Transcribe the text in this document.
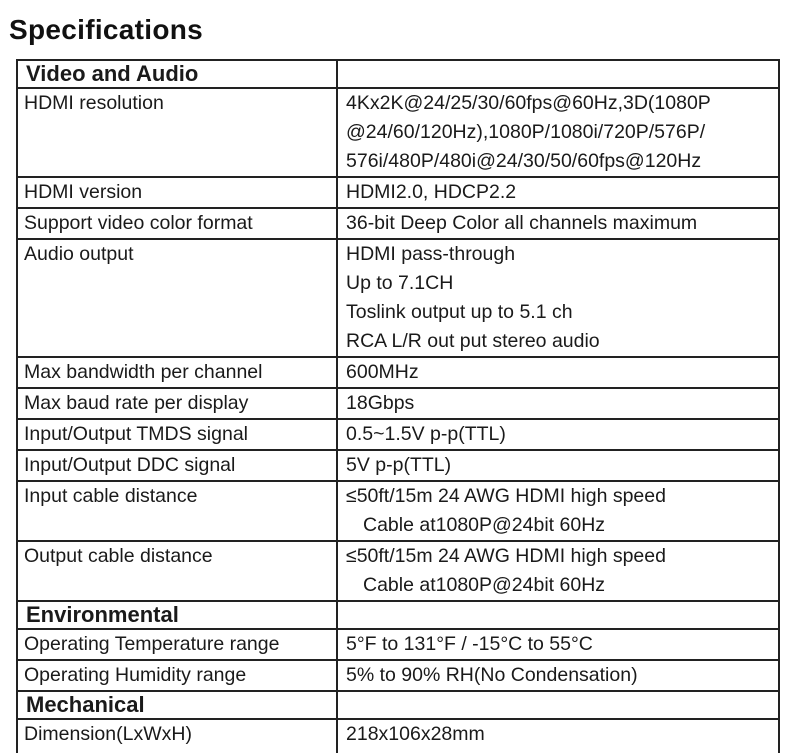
Specifications
Video and Audio	
HDMI resolution	4Kx2K@24/25/30/60fps@60Hz,3D(1080P
@24/60/120Hz),1080P/1080i/720P/576P/
576i/480P/480i@24/30/50/60fps@120Hz

HDMI version	HDMI2.0, HDCP2.2
Support video color format	36-bit Deep Color all channels maximum
Audio output	HDMI pass-through
Up to 7.1CH
Toslink output up to 5.1 ch
RCA L/R out put stereo audio

Max bandwidth per channel	600MHz
Max baud rate per display	18Gbps
Input/Output TMDS signal	0.5~1.5V p-p(TTL)
Input/Output DDC signal	5V p-p(TTL)
Input cable distance	≤50ft/15m 24 AWG HDMI high speed
Cable at1080P@24bit 60Hz

Output cable distance	≤50ft/15m 24 AWG HDMI high speed
Cable at1080P@24bit 60Hz

Environmental	
Operating Temperature range	5°F to 131°F / -15°C to 55°C
Operating Humidity range	5% to 90% RH(No Condensation)
Mechanical	
Dimension(LxWxH)	218x106x28mm
